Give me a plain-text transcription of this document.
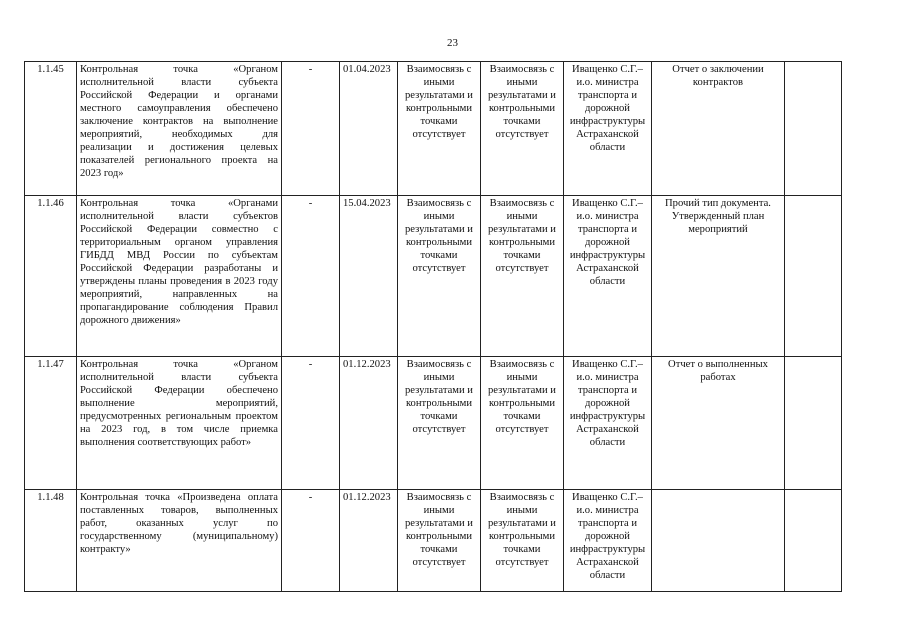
23
1.1.45	Контрольная точка «Органом исполнительной власти субъекта Российской Федерации и органами местного самоуправления обеспечено заключение контрактов на выполнение мероприятий, необходимых для реализации и достижения целевых показателей регионального проекта на 2023 год»	-	01.04.2023	Взаимосвязь с иными результатами и контрольными точками отсутствует	Взаимосвязь с иными результатами и контрольными точками отсутствует	Иващенко С.Г.– и.о. министра транспорта и дорожной инфраструктуры Астраханской области	Отчет о заключении контрактов	
1.1.46	Контрольная точка «Органами исполнительной власти субъектов Российской Федерации совместно с территориальным органом управления ГИБДД МВД России по субъектам Российской Федерации разработаны и утверждены планы проведения в 2023 году мероприятий, направленных на пропагандирование соблюдения Правил дорожного движения»	-	15.04.2023	Взаимосвязь с иными результатами и контрольными точками отсутствует	Взаимосвязь с иными результатами и контрольными точками отсутствует	Иващенко С.Г.– и.о. министра транспорта и дорожной инфраструктуры Астраханской области	Прочий тип документа. Утвержденный план мероприятий	
1.1.47	Контрольная точка «Органом исполнительной власти субъекта Российской Федерации обеспечено выполнение мероприятий, предусмотренных региональным проектом на 2023 год, в том числе приемка выполнения соответствующих работ»	-	01.12.2023	Взаимосвязь с иными результатами и контрольными точками отсутствует	Взаимосвязь с иными результатами и контрольными точками отсутствует	Иващенко С.Г.– и.о. министра транспорта и дорожной инфраструктуры Астраханской области	Отчет о выполненных работах	
1.1.48	Контрольная точка «Произведена оплата поставленных товаров, выполненных работ, оказанных услуг по государственному (муниципальному) контракту»	-	01.12.2023	Взаимосвязь с иными результатами и контрольными точками отсутствует	Взаимосвязь с иными результатами и контрольными точками отсутствует	Иващенко С.Г.– и.о. министра транспорта и дорожной инфраструктуры Астраханской области		
